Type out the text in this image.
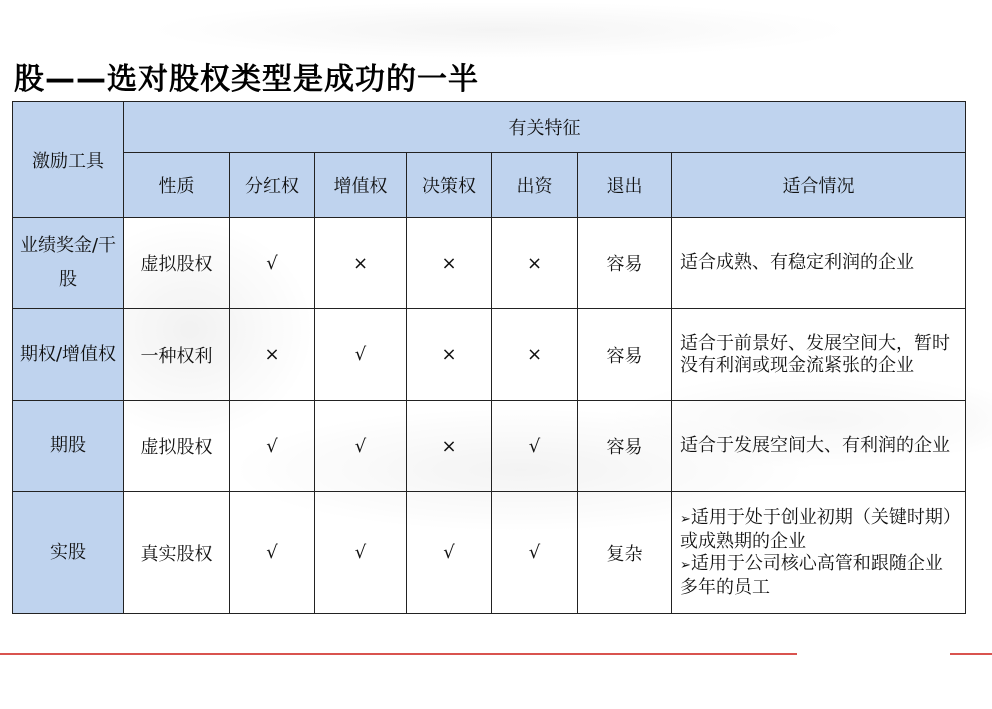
股——选对股权类型是成功的一半
激励工具	有关特征						
	性质	分红权	增值权	决策权	出资	退出	适合情况
业绩奖金/干股	虚拟股权	√	×	×	×	容易	适合成熟、有稳定利润的企业

期权/增值权	一种权利	×	√	×	×	容易	适合于前景好、发展空间大，暂时没有利润或现金流紧张的企业

期股	虚拟股权	√	√	×	√	容易	适合于发展空间大、有利润的企业

实股	真实股权	√	√	√	√	复杂	➢适用于处于创业初期（关键时期）或成熟期的企业
➢适用于公司核心高管和跟随企业多年的员工
